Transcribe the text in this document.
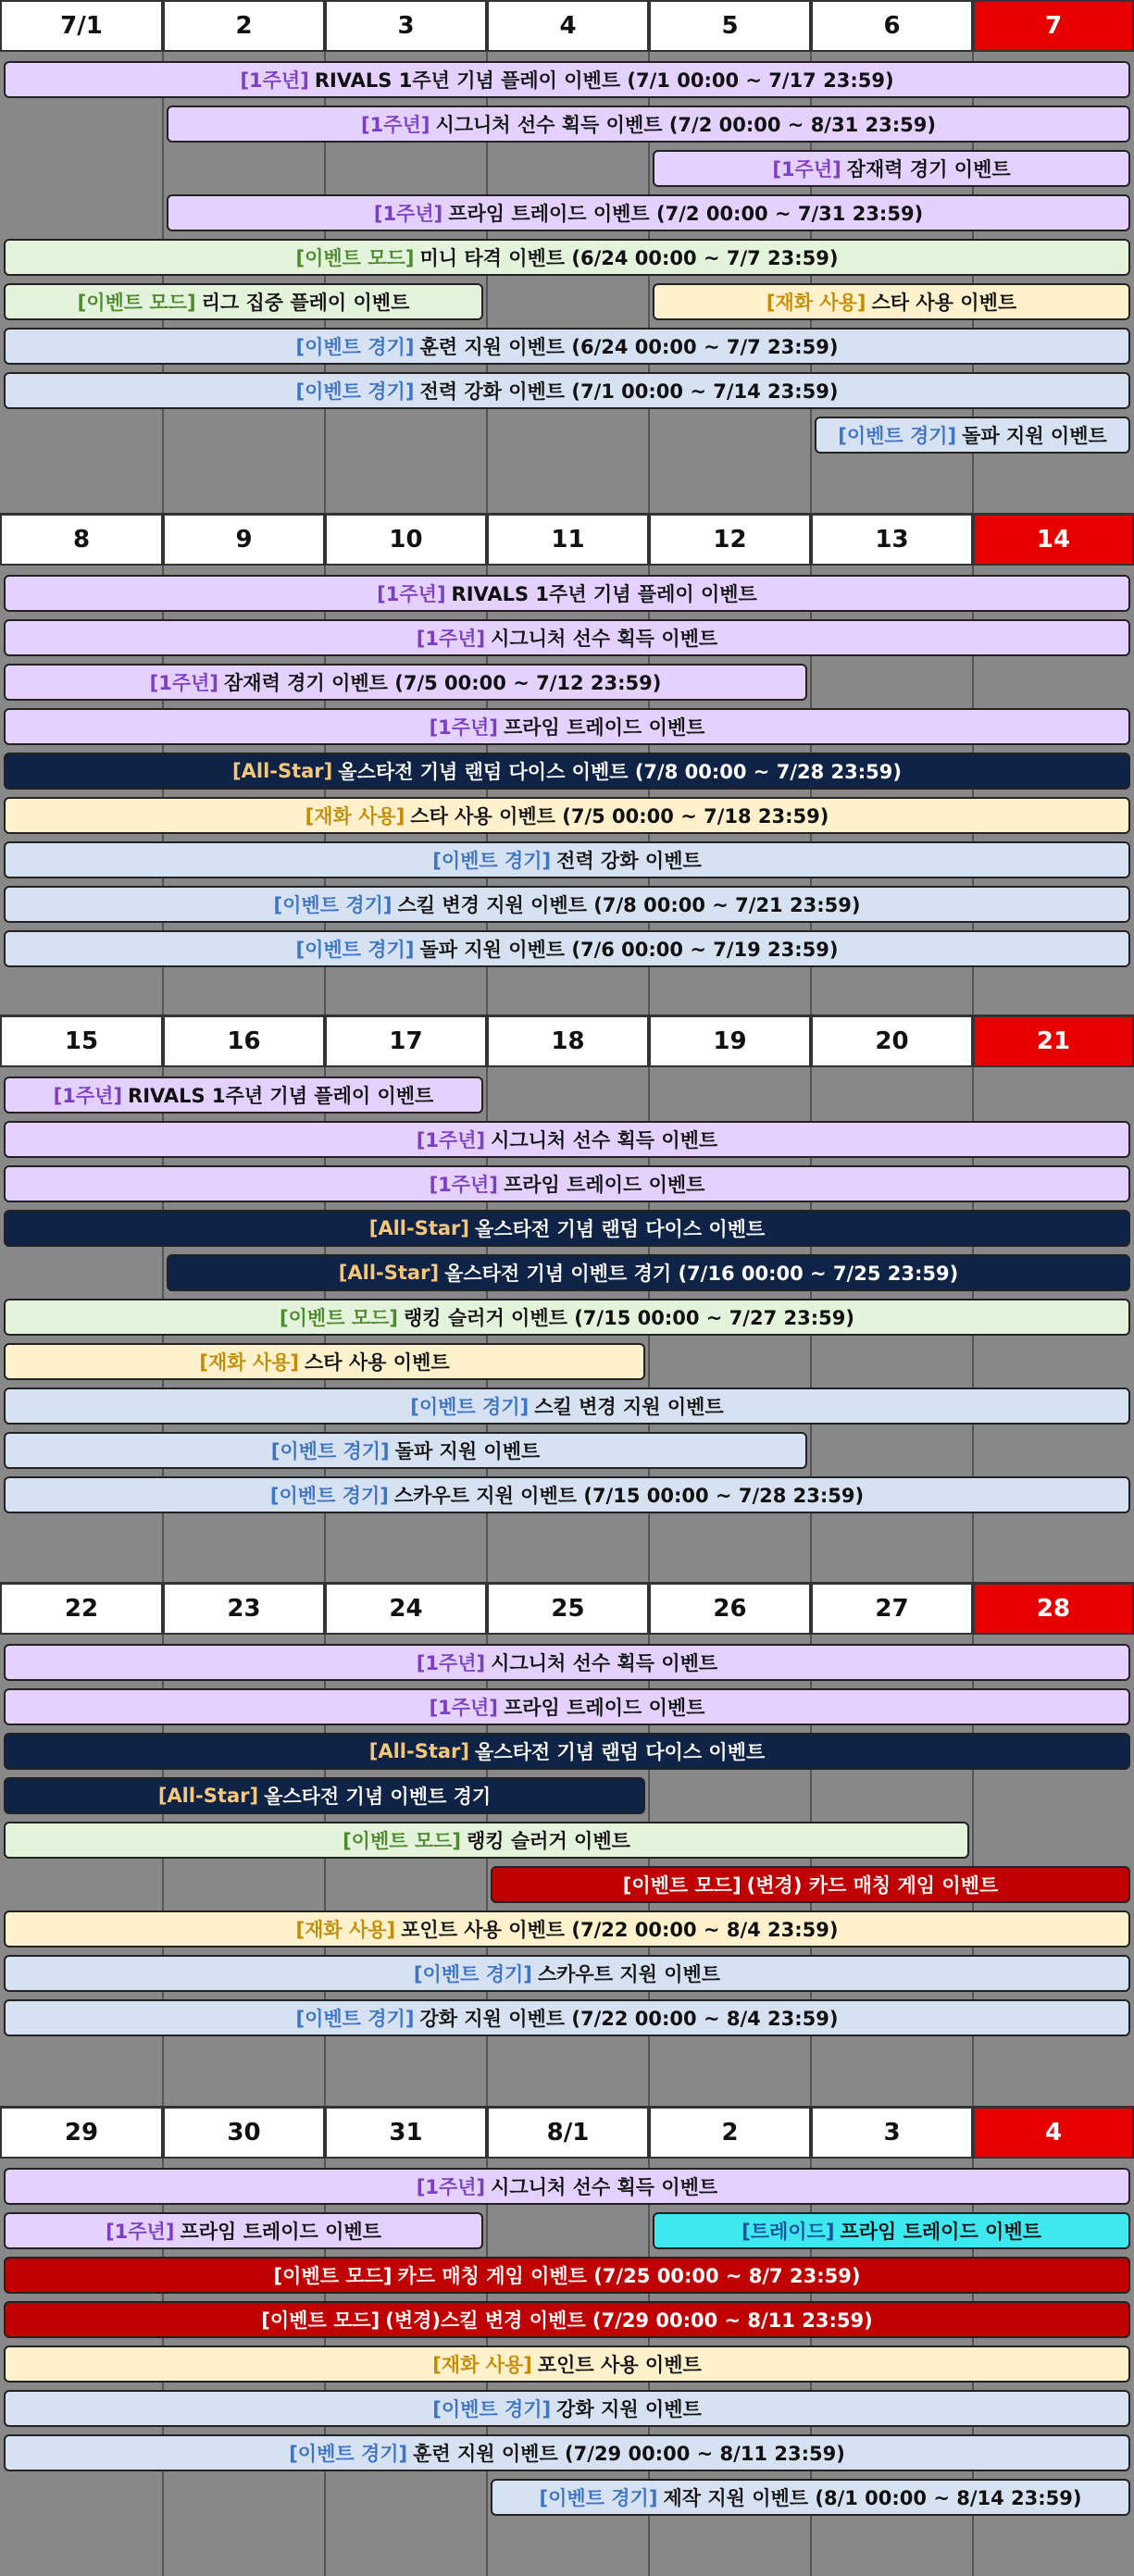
7/1	2	3	4	5	6	7
[1주년] RIVALS 1주년 기념 플레이 이벤트 (7/1 00:00 ~ 7/17 23:59)
[1주년] 시그니처 선수 획득 이벤트 (7/2 00:00 ~ 8/31 23:59)
[1주년] 잠재력 경기 이벤트
[1주년] 프라임 트레이드 이벤트 (7/2 00:00 ~ 7/31 23:59)
[이벤트 모드] 미니 타격 이벤트 (6/24 00:00 ~ 7/7 23:59)
[이벤트 모드] 리그 집중 플레이 이벤트	[재화 사용] 스타 사용 이벤트
[이벤트 경기] 훈련 지원 이벤트 (6/24 00:00 ~ 7/7 23:59)
[이벤트 경기] 전력 강화 이벤트 (7/1 00:00 ~ 7/14 23:59)
[이벤트 경기] 돌파 지원 이벤트
8	9	10	11	12	13	14
[1주년] RIVALS 1주년 기념 플레이 이벤트
[1주년] 시그니처 선수 획득 이벤트
[1주년] 잠재력 경기 이벤트 (7/5 00:00 ~ 7/12 23:59)
[1주년] 프라임 트레이드 이벤트
[All-Star] 올스타전 기념 랜덤 다이스 이벤트 (7/8 00:00 ~ 7/28 23:59)
[재화 사용] 스타 사용 이벤트 (7/5 00:00 ~ 7/18 23:59)
[이벤트 경기] 전력 강화 이벤트
[이벤트 경기] 스킬 변경 지원 이벤트 (7/8 00:00 ~ 7/21 23:59)
[이벤트 경기] 돌파 지원 이벤트 (7/6 00:00 ~ 7/19 23:59)
15	16	17	18	19	20	21
[1주년] RIVALS 1주년 기념 플레이 이벤트
[1주년] 시그니처 선수 획득 이벤트
[1주년] 프라임 트레이드 이벤트
[All-Star] 올스타전 기념 랜덤 다이스 이벤트
[All-Star] 올스타전 기념 이벤트 경기 (7/16 00:00 ~ 7/25 23:59)
[이벤트 모드] 랭킹 슬러거 이벤트 (7/15 00:00 ~ 7/27 23:59)
[재화 사용] 스타 사용 이벤트
[이벤트 경기] 스킬 변경 지원 이벤트
[이벤트 경기] 돌파 지원 이벤트
[이벤트 경기] 스카우트 지원 이벤트 (7/15 00:00 ~ 7/28 23:59)
22	23	24	25	26	27	28
[1주년] 시그니처 선수 획득 이벤트
[1주년] 프라임 트레이드 이벤트
[All-Star] 올스타전 기념 랜덤 다이스 이벤트
[All-Star] 올스타전 기념 이벤트 경기
[이벤트 모드] 랭킹 슬러거 이벤트
[이벤트 모드] (변경) 카드 매칭 게임 이벤트
[재화 사용] 포인트 사용 이벤트 (7/22 00:00 ~ 8/4 23:59)
[이벤트 경기] 스카우트 지원 이벤트
[이벤트 경기] 강화 지원 이벤트 (7/22 00:00 ~ 8/4 23:59)
29	30	31	8/1	2	3	4
[1주년] 시그니처 선수 획득 이벤트
[1주년] 프라임 트레이드 이벤트	[트레이드] 프라임 트레이드 이벤트
[이벤트 모드] 카드 매칭 게임 이벤트 (7/25 00:00 ~ 8/7 23:59)
[이벤트 모드] (변경)스킬 변경 이벤트 (7/29 00:00 ~ 8/11 23:59)
[재화 사용] 포인트 사용 이벤트
[이벤트 경기] 강화 지원 이벤트
[이벤트 경기] 훈련 지원 이벤트 (7/29 00:00 ~ 8/11 23:59)
[이벤트 경기] 제작 지원 이벤트 (8/1 00:00 ~ 8/14 23:59)
